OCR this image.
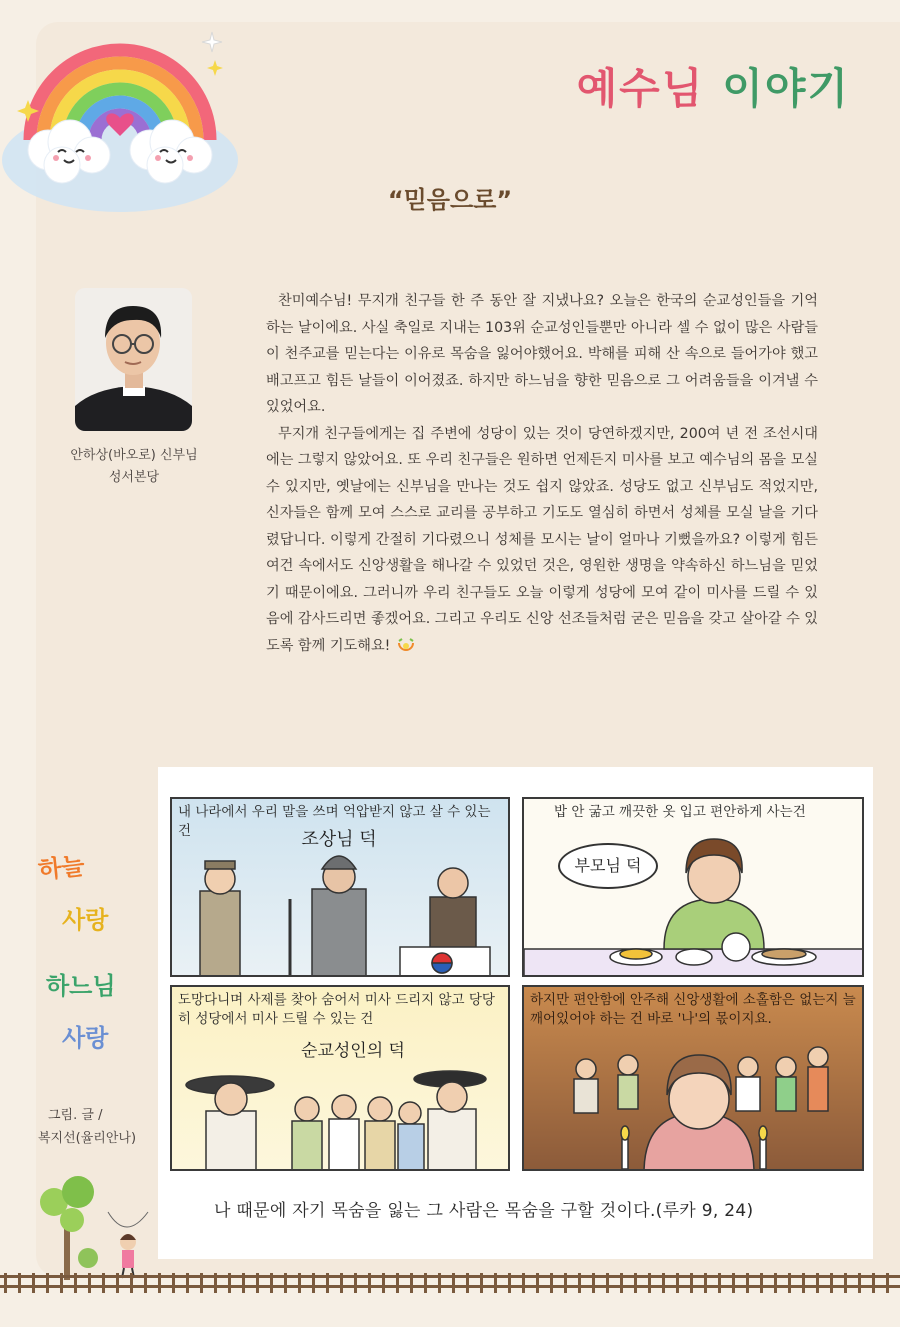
예수님 이야기
“믿음으로”
안하상(바오로) 신부님
성서본당

찬미예수님! 무지개 친구들 한 주 동안 잘 지냈나요? 오늘은 한국의 순교성인들을 기억하는 날이에요. 사실 축일로 지내는 103위 순교성인들뿐만 아니라 셀 수 없이 많은 사람들이 천주교를 믿는다는 이유로 목숨을 잃어야했어요. 박해를 피해 산 속으로 들어가야 했고 배고프고 힘든 날들이 이어졌죠. 하지만 하느님을 향한 믿음으로 그 어려움들을 이겨낼 수 있었어요.

무지개 친구들에게는 집 주변에 성당이 있는 것이 당연하겠지만, 200여 년 전 조선시대에는 그렇지 않았어요. 또 우리 친구들은 원하면 언제든지 미사를 보고 예수님의 몸을 모실 수 있지만, 옛날에는 신부님을 만나는 것도 쉽지 않았죠. 성당도 없고 신부님도 적었지만, 신자들은 함께 모여 스스로 교리를 공부하고 기도도 열심히 하면서 성체를 모실 날을 기다렸답니다. 이렇게 간절히 기다렸으니 성체를 모시는 날이 얼마나 기뻤을까요? 이렇게 힘든 여건 속에서도 신앙생활을 해나갈 수 있었던 것은, 영원한 생명을 약속하신 하느님을 믿었기 때문이에요. 그러니까 우리 친구들도 오늘 이렇게 성당에 모여 같이 미사를 드릴 수 있음에 감사드리면 좋겠어요. 그리고 우리도 신앙 선조들처럼 굳은 믿음을 갖고 살아갈 수 있도록 함께 기도해요!

내 나라에서 우리 말을 쓰며 억압받지 않고 살 수 있는건	조상님 덕
밥 안 굶고 깨끗한 옷 입고 편안하게 사는건
부모님 덕
도망다니며 사제를 찾아 숨어서 미사 드리지 않고 당당히 성당에서 미사 드릴 수 있는 건
순교성인의 덕
하지만 편안함에 안주해 신앙생활에 소홀함은 없는지 늘 깨어있어야 하는 건 바로 '나'의 몫이지요.
나 때문에 자기 목숨을 잃는 그 사람은 목숨을 구할 것이다.(루카 9, 24)
하늘
사랑
하느님
사랑
그림. 글 /
복지선(율리안나)
